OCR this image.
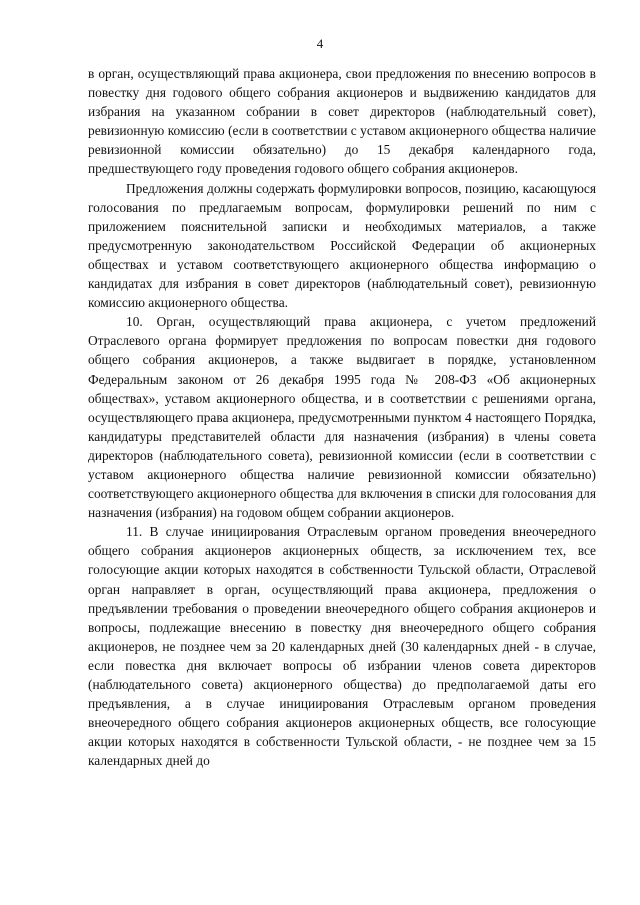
4

в орган, осуществляющий права акционера, свои предложения по внесению вопросов в повестку дня годового общего собрания акционеров и выдвижению кандидатов для избрания на указанном собрании в совет директоров (наблюдательный совет), ревизионную комиссию (если в соответствии с уставом акционерного общества наличие ревизионной комиссии обязательно) до 15 декабря календарного года, предшествующего году проведения годового общего собрания акционеров.

Предложения должны содержать формулировки вопросов, позицию, касающуюся голосования по предлагаемым вопросам, формулировки решений по ним с приложением пояснительной записки и необходимых материалов, а также предусмотренную законодательством Российской Федерации об акционерных обществах и уставом соответствующего акционерного общества информацию о кандидатах для избрания в совет директоров (наблюдательный совет), ревизионную комиссию акционерного общества.

10. Орган, осуществляющий права акционера, с учетом предложений Отраслевого органа формирует предложения по вопросам повестки дня годового общего собрания акционеров, а также выдвигает в порядке, установленном Федеральным законом от 26 декабря 1995 года № 208-ФЗ «Об акционерных обществах», уставом акционерного общества, и в соответствии с решениями органа, осуществляющего права акционера, предусмотренными пунктом 4 настоящего Порядка, кандидатуры представителей области для назначения (избрания) в члены совета директоров (наблюдательного совета), ревизионной комиссии (если в соответствии с уставом акционерного общества наличие ревизионной комиссии обязательно) соответствующего акционерного общества для включения в списки для голосования для назначения (избрания) на годовом общем собрании акционеров.

11. В случае инициирования Отраслевым органом проведения внеочередного общего собрания акционеров акционерных обществ, за исключением тех, все голосующие акции которых находятся в собственности Тульской области, Отраслевой орган направляет в орган, осуществляющий права акционера, предложения о предъявлении требования о проведении внеочередного общего собрания акционеров и вопросы, подлежащие внесению в повестку дня внеочередного общего собрания акционеров, не позднее чем за 20 календарных дней (30 календарных дней - в случае, если повестка дня включает вопросы об избрании членов совета директоров (наблюдательного совета) акционерного общества) до предполагаемой даты его предъявления, а в случае инициирования Отраслевым органом проведения внеочередного общего собрания акционеров акционерных обществ, все голосующие акции которых находятся в собственности Тульской области, - не позднее чем за 15 календарных дней до
